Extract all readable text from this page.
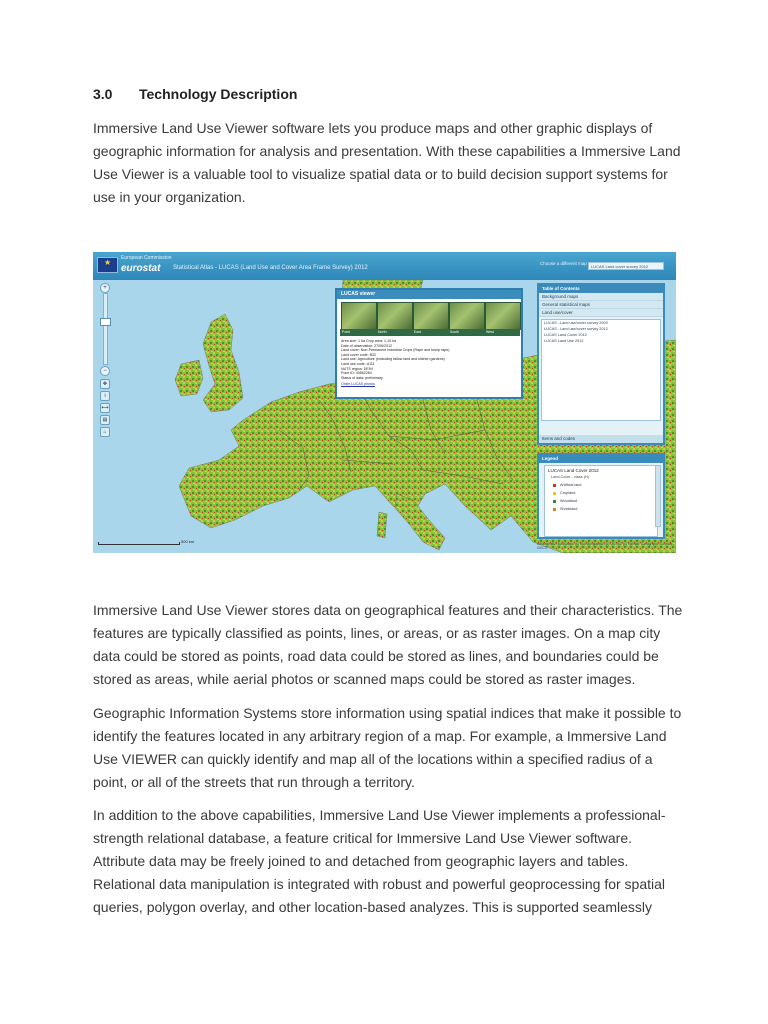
3.0 Technology Description

Immersive Land Use Viewer software lets you produce maps and other graphic displays of geographic information for analysis and presentation. With these capabilities a Immersive Land Use Viewer is a valuable tool to visualize spatial data or to build decision support systems for use in your organization.

★ European Commission
eurostat Statistical Atlas - LUCAS (Land Use and Cover Area Frame Survey) 2012
Choose a different map
LUCAS Land cover survey 2012
+
−
✥
i
⟷
▤
⌂
500 km
LUCAS viewer
Point	North	East	South	West
Area size: 1 ha Crop area: 1-10 ha
Date of observation: 27/06/2012
Land cover: Non-Permanent Industrial Crops (Rape and turnip rape)
Land cover code: B32
Land use: Agriculture (excluding fallow land and kitchen gardens)
Land use code: U111
NUTS region: DE94
Point ID: 43562284
Status of data: preliminary
Order LUCAS photos
Table of Contents
Background maps
General statistical maps
Land use/cover
LUCAS - Land use/cover survey 2009
LUCAS - Land use/cover survey 2012
LUCAS Land Cover 2012
LUCAS Land Use 2012
Items and codes
Legend
LUCAS Land Cover 2012
Land Cover - class (H)
Artificial land
Cropland
Woodland
Shrubland
Administrative boundaries: (c) EuroGeographics (c) UN-FAO (c) Turkstat. Cartography: Eurostat - GISCO

Immersive Land Use Viewer stores data on geographical features and their characteristics. The features are typically classified as points, lines, or areas, or as raster images. On a map city data could be stored as points, road data could be stored as lines, and boundaries could be stored as areas, while aerial photos or scanned maps could be stored as raster images.

Geographic Information Systems store information using spatial indices that make it possible to identify the features located in any arbitrary region of a map. For example, a Immersive Land Use VIEWER can quickly identify and map all of the locations within a specified radius of a point, or all of the streets that run through a territory.

In addition to the above capabilities, Immersive Land Use Viewer implements a professional-strength relational database, a feature critical for Immersive Land Use Viewer software. Attribute data may be freely joined to and detached from geographic layers and tables. Relational data manipulation is integrated with robust and powerful geoprocessing for spatial queries, polygon overlay, and other location-based analyzes. This is supported seamlessly
